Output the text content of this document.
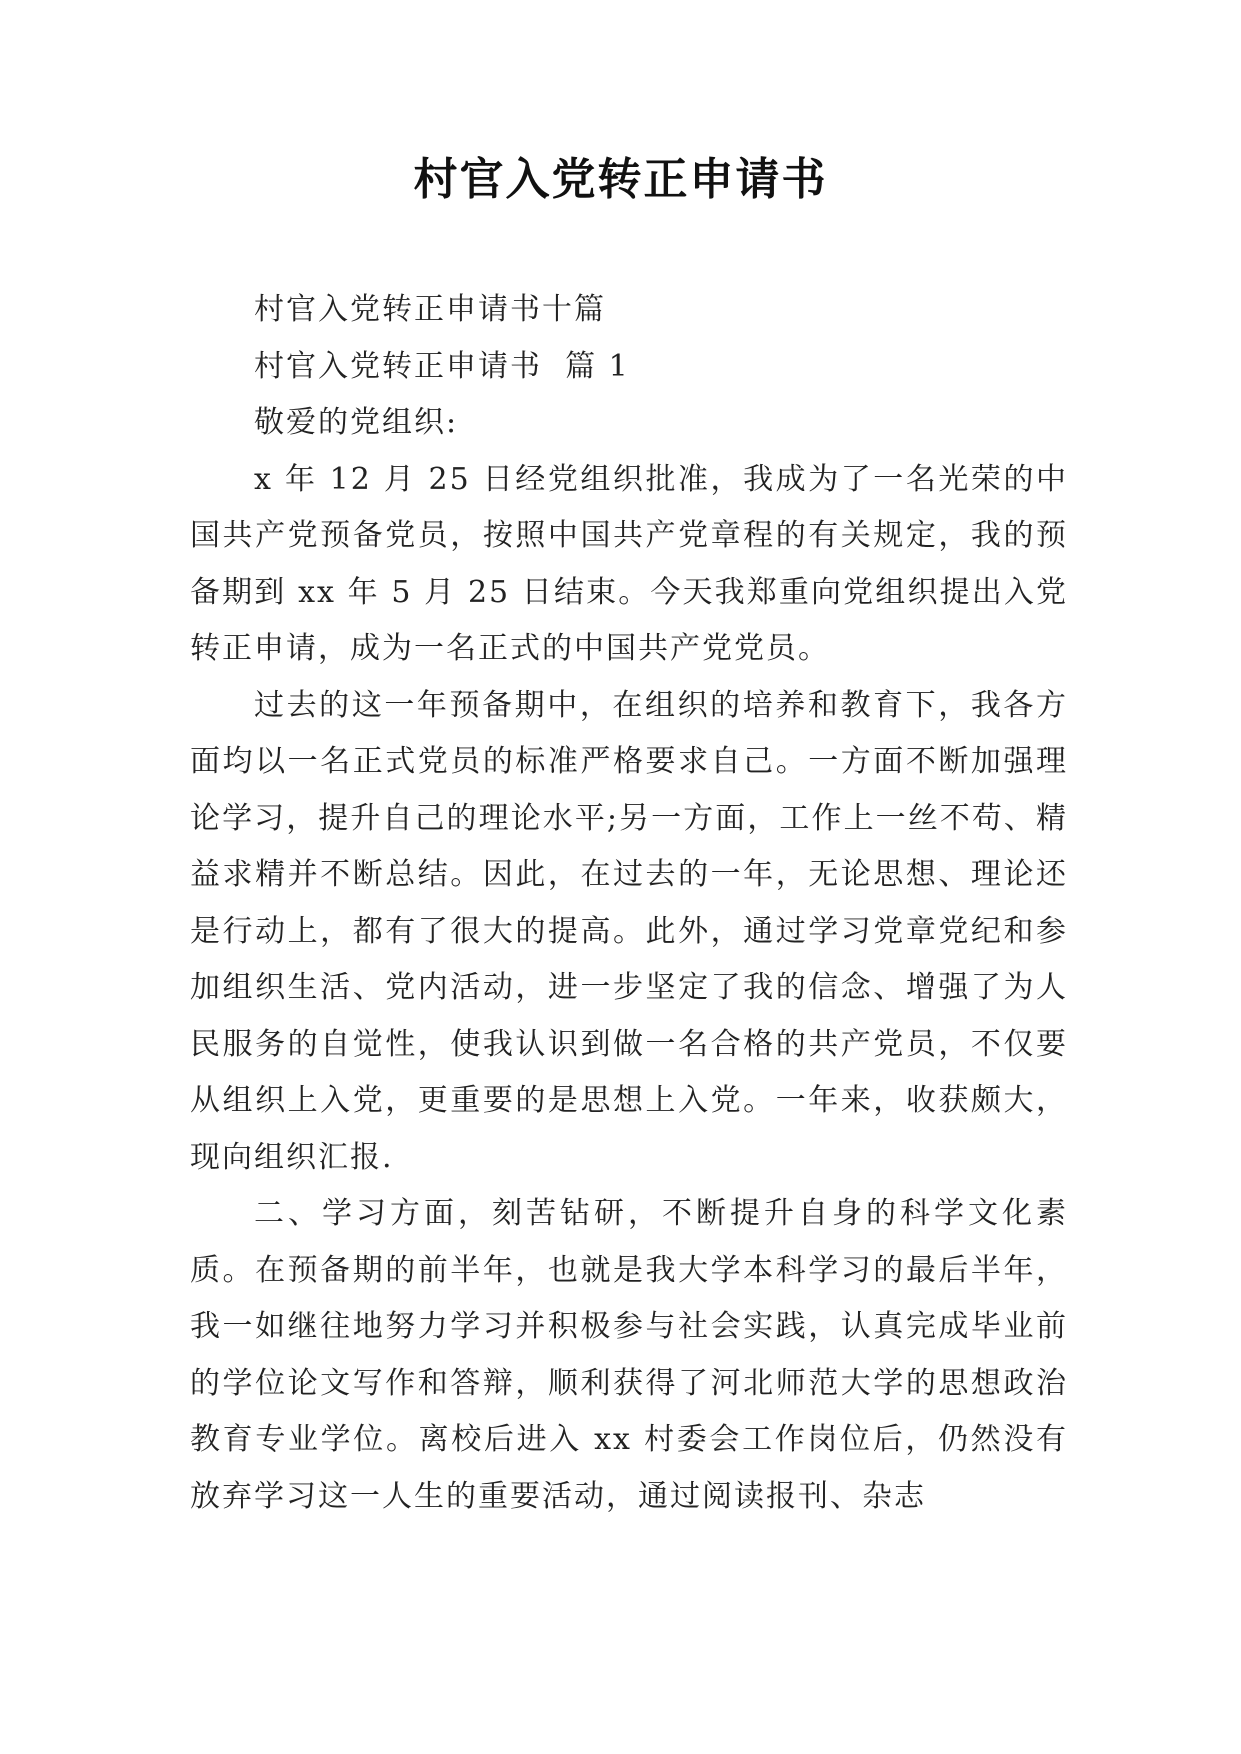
村官入党转正申请书

村官入党转正申请书十篇

村官入党转正申请书  篇 1

敬爱的党组织:

x 年 12 月 25 日经党组织批准，我成为了一名光荣的中国共产党预备党员，按照中国共产党章程的有关规定，我的预备期到 xx 年 5 月 25 日结束。今天我郑重向党组织提出入党转正申请，成为一名正式的中国共产党党员。

过去的这一年预备期中，在组织的培养和教育下，我各方面均以一名正式党员的标准严格要求自己。一方面不断加强理论学习，提升自己的理论水平;另一方面，工作上一丝不苟、精益求精并不断总结。因此，在过去的一年，无论思想、理论还是行动上，都有了很大的提高。此外，通过学习党章党纪和参加组织生活、党内活动，进一步坚定了我的信念、增强了为人民服务的自觉性，使我认识到做一名合格的共产党员，不仅要从组织上入党，更重要的是思想上入党。一年来，收获颇大，现向组织汇报.

二、学习方面，刻苦钻研，不断提升自身的科学文化素质。在预备期的前半年，也就是我大学本科学习的最后半年，我一如继往地努力学习并积极参与社会实践，认真完成毕业前的学位论文写作和答辩，顺利获得了河北师范大学的思想政治教育专业学位。离校后进入 xx 村委会工作岗位后，仍然没有放弃学习这一人生的重要活动，通过阅读报刊、杂志
